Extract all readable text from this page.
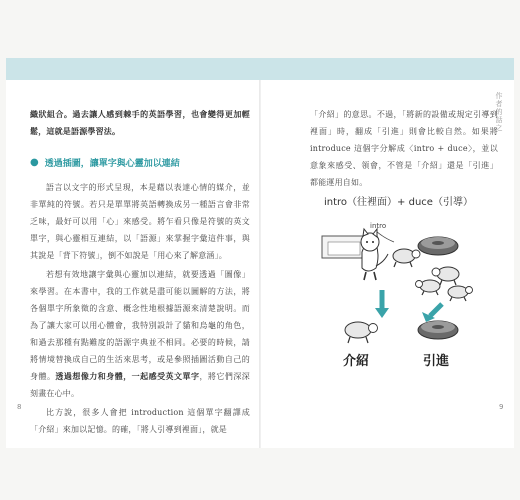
織狀組合。過去讓人感到棘手的英語學習，也會變得更加輕鬆，這就是語源學習法。

● 透過插圖，讓單字與心靈加以連結

語言以文字的形式呈現，本是藉以表達心情的媒介，並非單純的符號。若只是單單將英語轉換成另一種語言會非常乏味，最好可以用「心」來感受。將乍看只像是符號的英文單字，與心靈相互連結，以「語源」來掌握字彙這件事，與其說是「背下符號」，倒不如說是「用心來了解意涵」。

若想有效地讓字彙與心靈加以連結，就要透過「圖像」來學習。在本書中，我的工作就是盡可能以圖解的方法，將各個單字所象徵的含意、概念性地根據語源來清楚說明。而為了讓大家可以用心體會，我特別設計了貓和烏龜的角色，和過去那種有點難度的語源字典並不相同。必要的時候，請將情境替換成自己的生活來思考，或是參照插圖活動自己的身體。透過想像力和身體，一起感受英文單字，將它們深深刻畫在心中。

比方說，很多人會把 introduction 這個單字翻譯成「介紹」來加以記憶。的確，「將人引導到裡面」，就是

8

「介紹」的意思。不過，「將新的設備或規定引導到裡面」時，翻成「引進」則會比較自然。如果將 introduce 這個字分解成〈intro + duce〉，並以意象來感受、領會，不管是「介紹」還是「引進」都能運用自如。

作者的話之
9
intro（往裡面）+ duce（引導）
intro
介紹	引進
